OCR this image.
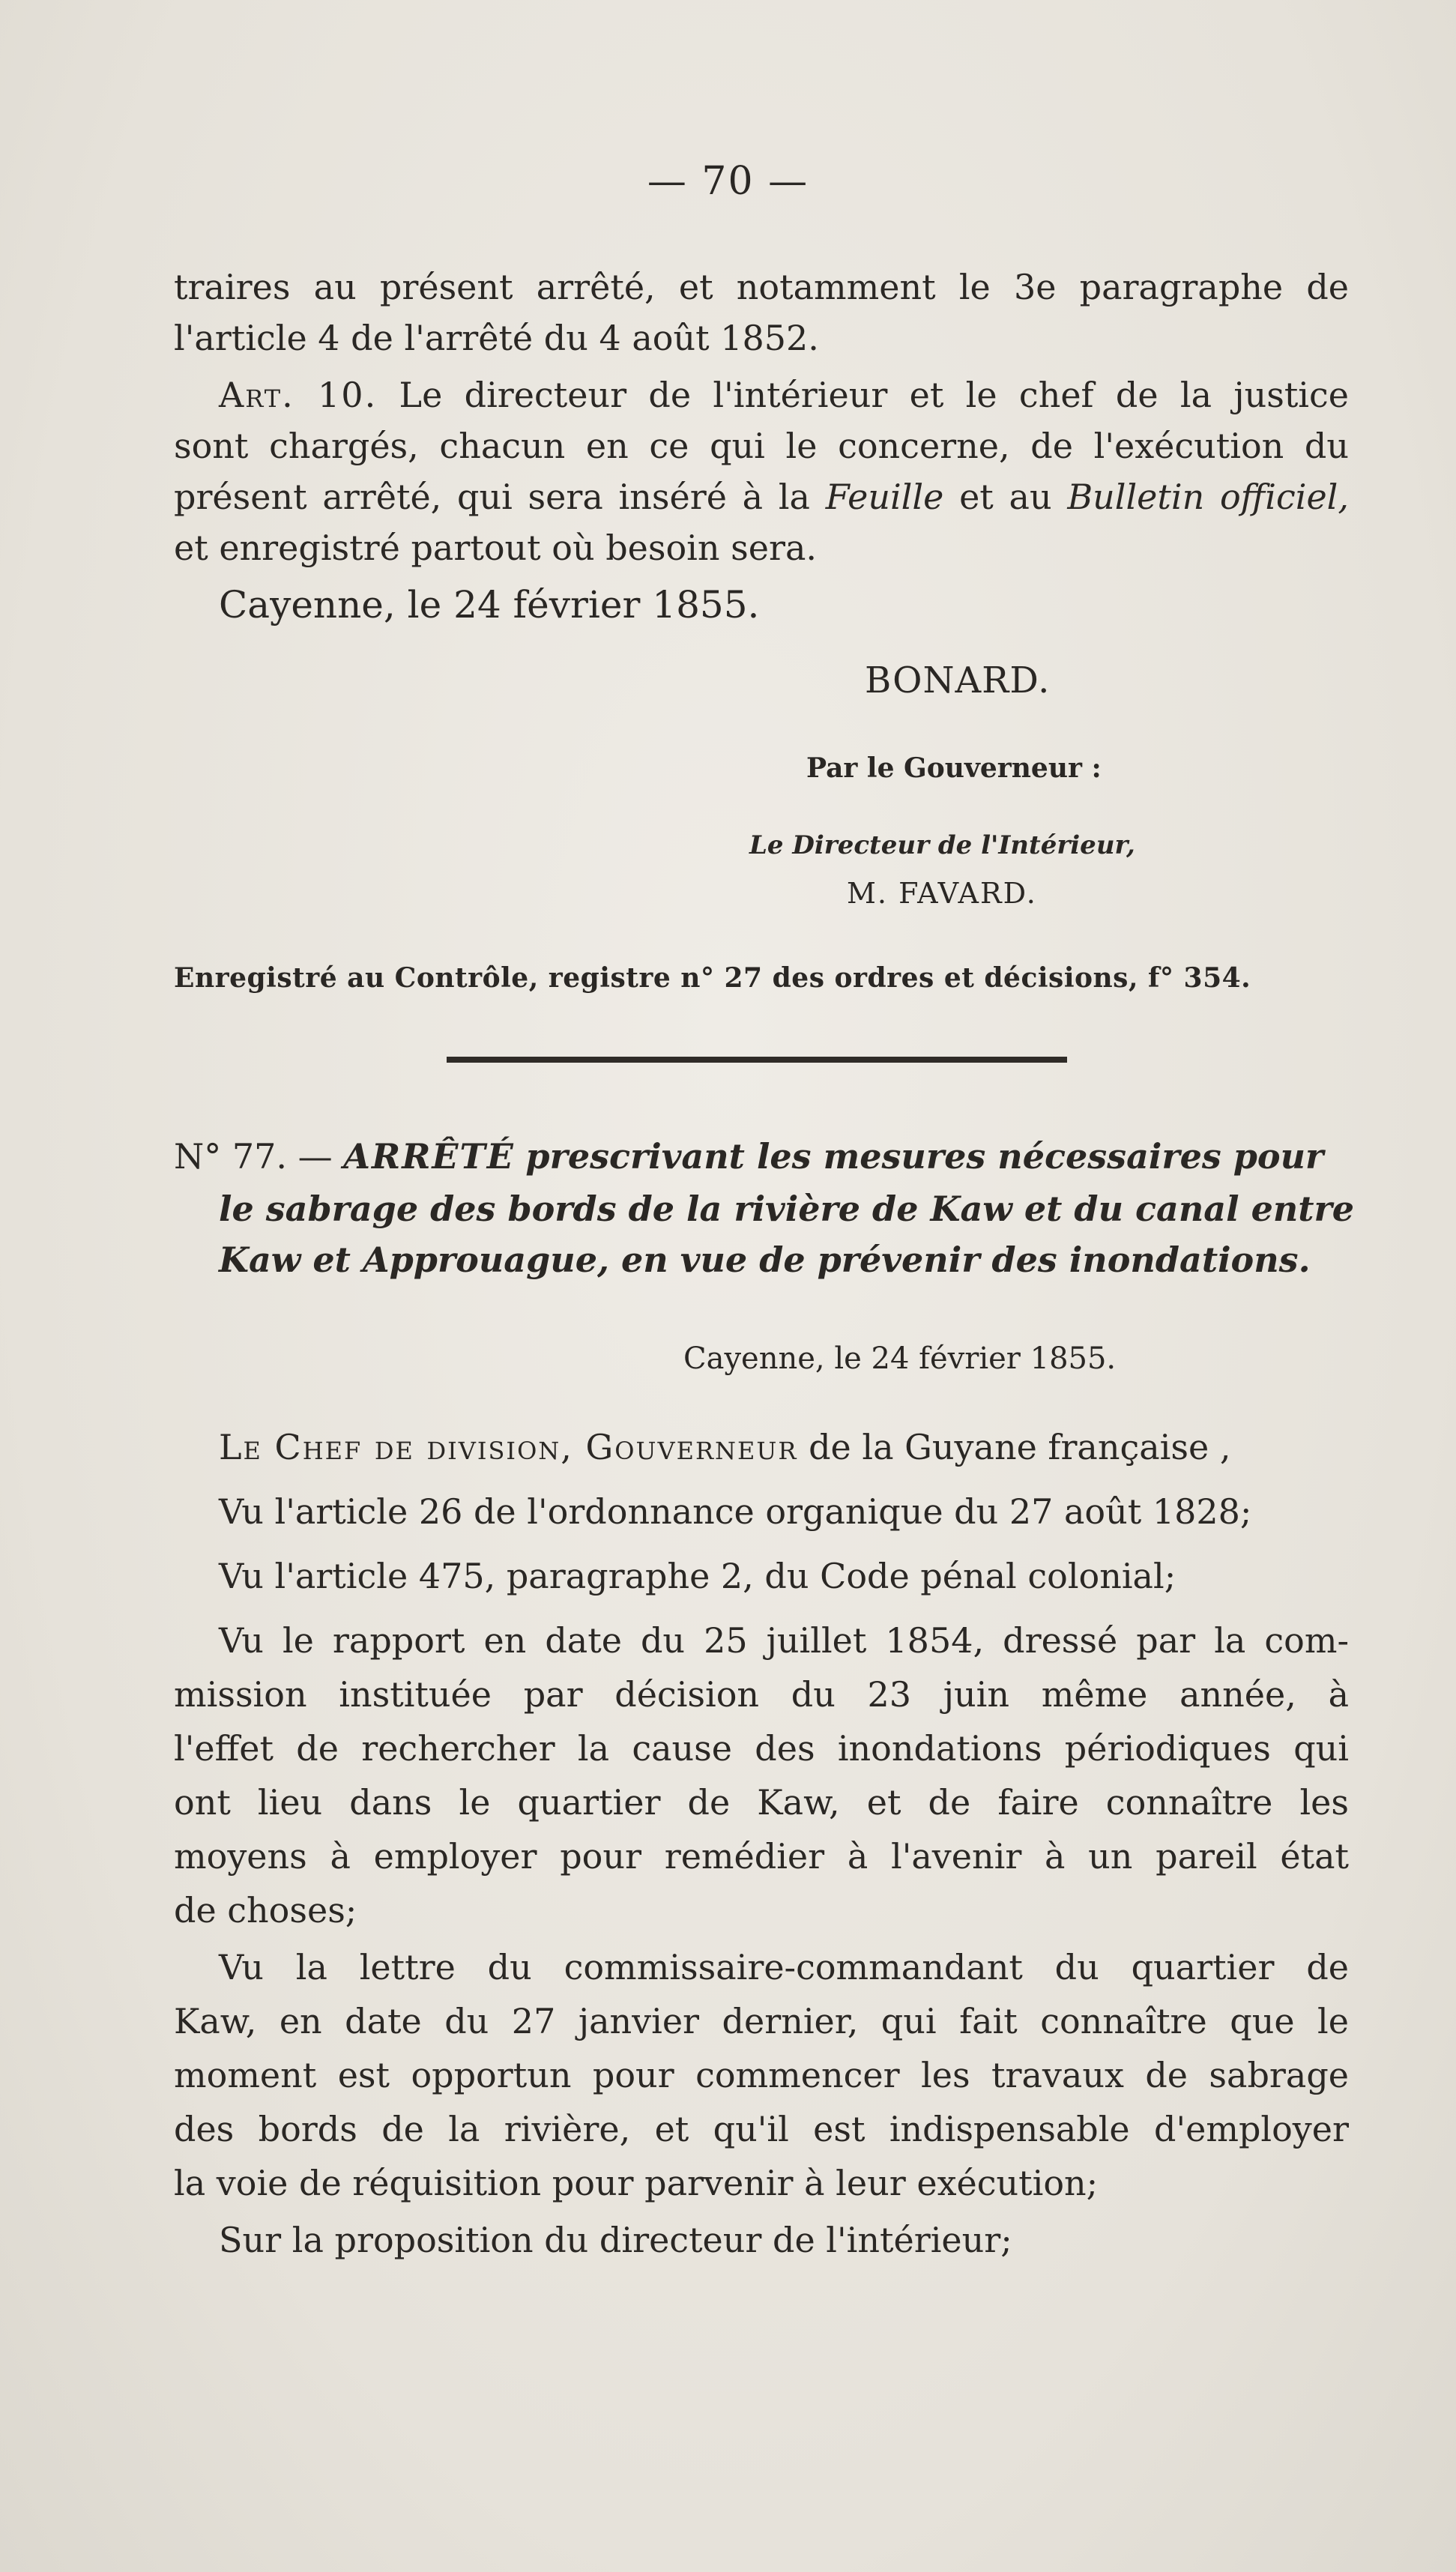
— 70 —
traires au présent arrêté, et notamment le 3e paragraphe de
l'article 4 de l'arrêté du 4 août 1852.
Art. 10. Le directeur de l'intérieur et le chef de la justice
sont chargés, chacun en ce qui le concerne, de l'exécution du
présent arrêté, qui sera inséré à la Feuille et au Bulletin officiel,
et enregistré partout où besoin sera.
Cayenne, le 24 février 1855.
BONARD.
Par le Gouverneur :
Le Directeur de l'Intérieur,
M. FAVARD.
Enregistré au Contrôle, registre n° 27 des ordres et décisions, f° 354.
N° 77. — ARRÊTÉ prescrivant les mesures nécessaires pour
le sabrage des bords de la rivière de Kaw et du canal entre
Kaw et Approuague, en vue de prévenir des inondations.
Cayenne, le 24 février 1855.
Le Chef de division, Gouverneur de la Guyane française ,
Vu l'article 26 de l'ordonnance organique du 27 août 1828;
Vu l'article 475, paragraphe 2, du Code pénal colonial;
Vu le rapport en date du 25 juillet 1854, dressé par la com-
mission instituée par décision du 23 juin même année, à
l'effet de rechercher la cause des inondations périodiques qui
ont lieu dans le quartier de Kaw, et de faire connaître les
moyens à employer pour remédier à l'avenir à un pareil état
de choses;
Vu la lettre du commissaire-commandant du quartier de
Kaw, en date du 27 janvier dernier, qui fait connaître que le
moment est opportun pour commencer les travaux de sabrage
des bords de la rivière, et qu'il est indispensable d'employer
la voie de réquisition pour parvenir à leur exécution;
Sur la proposition du directeur de l'intérieur;
